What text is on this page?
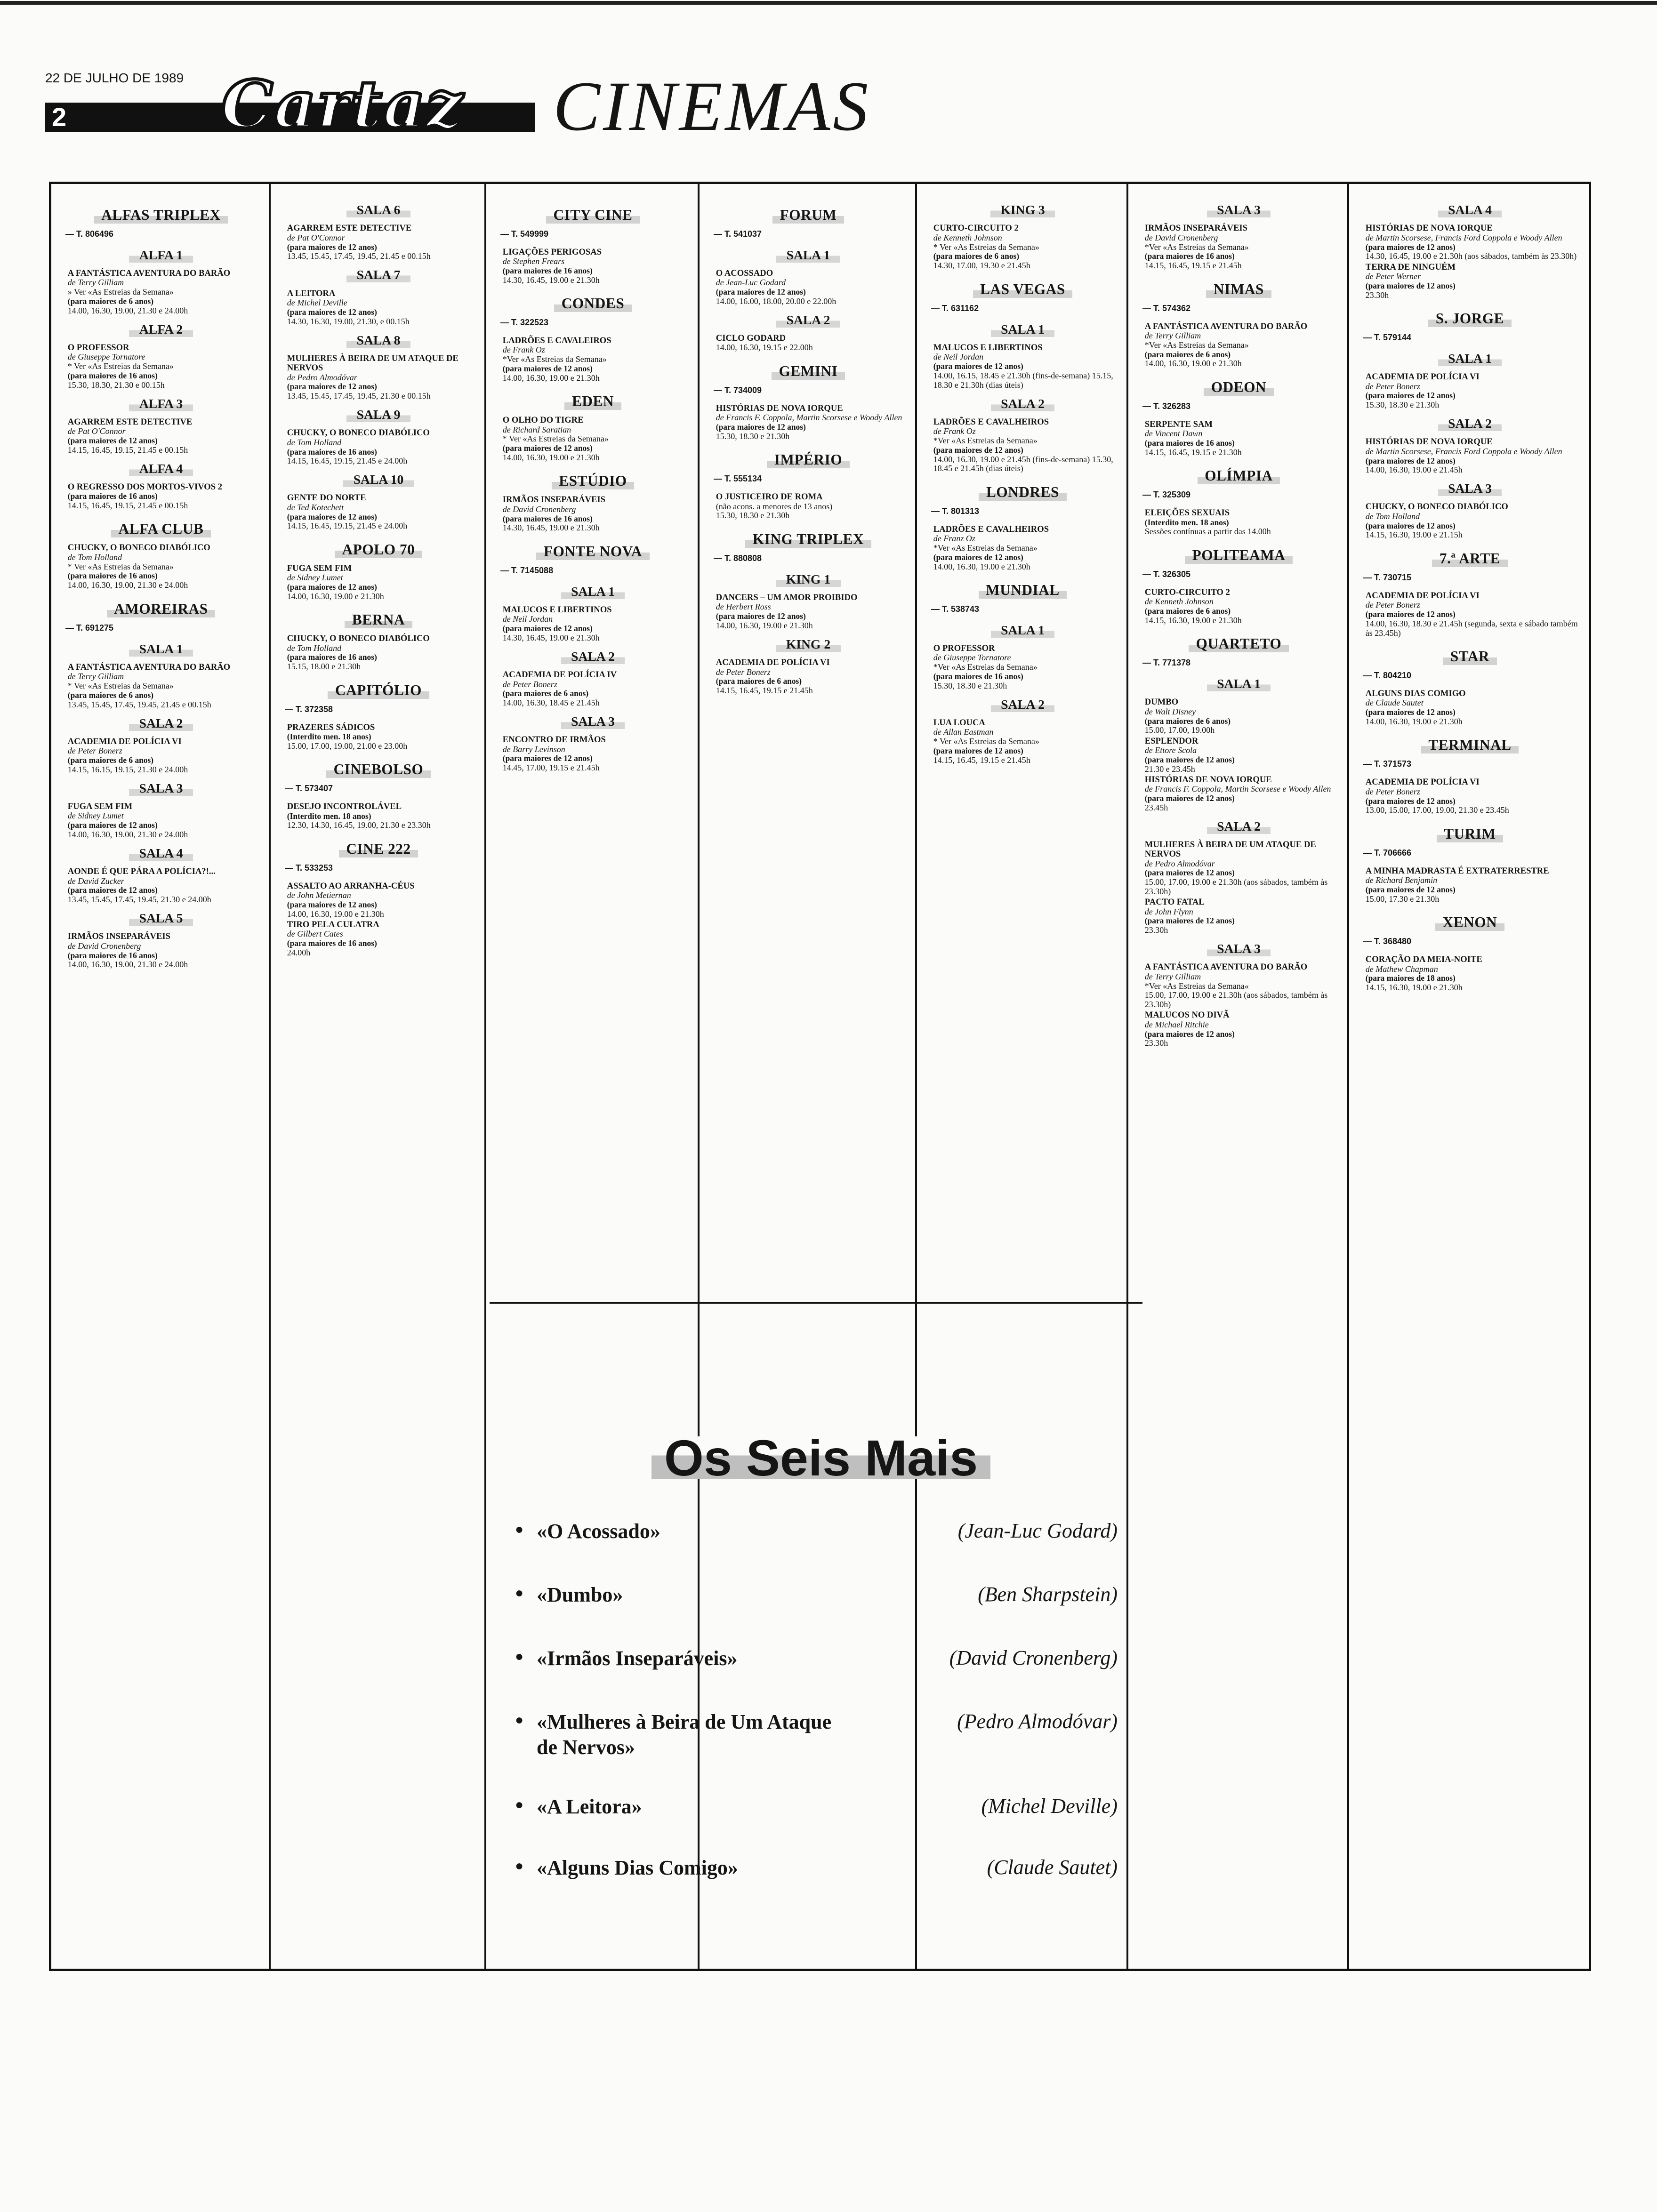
22 DE JULHO DE 1989
2	Cartaz CINEMAS
ALFAS TRIPLEX
— T. 806496
ALFA 1
A FANTÁSTICA AVENTURA DO BARÃO
de Terry Gilliam
» Ver «As Estreias da Semana»
(para maiores de 6 anos)
14.00, 16.30, 19.00, 21.30 e 24.00h
ALFA 2
O PROFESSOR
de Giuseppe Tornatore
* Ver «As Estreias da Semana»
(para maiores de 16 anos)
15.30, 18.30, 21.30 e 00.15h
ALFA 3
AGARREM ESTE DETECTIVE
de Pat O'Connor
(para maiores de 12 anos)
14.15, 16.45, 19.15, 21.45 e 00.15h
ALFA 4
O REGRESSO DOS MORTOS-VIVOS 2
(para maiores de 16 anos)
14.15, 16.45, 19.15, 21.45 e 00.15h
ALFA CLUB
CHUCKY, O BONECO DIABÓLICO
de Tom Holland
* Ver «As Estreias da Semana»
(para maiores de 16 anos)
14.00, 16.30, 19.00, 21.30 e 24.00h
AMOREIRAS
— T. 691275
SALA 1
A FANTÁSTICA AVENTURA DO BARÃO
de Terry Gilliam
* Ver «As Estreias da Semana»
(para maiores de 6 anos)
13.45, 15.45, 17.45, 19.45, 21.45 e 00.15h
SALA 2
ACADEMIA DE POLÍCIA VI
de Peter Bonerz
(para maiores de 6 anos)
14.15, 16.15, 19.15, 21.30 e 24.00h
SALA 3
FUGA SEM FIM
de Sidney Lumet
(para maiores de 12 anos)
14.00, 16.30, 19.00, 21.30 e 24.00h
SALA 4
AONDE É QUE PÁRA A POLÍCIA?!...
de David Zucker
(para maiores de 12 anos)
13.45, 15.45, 17.45, 19.45, 21.30 e 24.00h
SALA 5
IRMÃOS INSEPARÁVEIS
de David Cronenberg
(para maiores de 16 anos)
14.00, 16.30, 19.00, 21.30 e 24.00h
SALA 6
AGARREM ESTE DETECTIVE
de Pat O'Connor
(para maiores de 12 anos)
13.45, 15.45, 17.45, 19.45, 21.45 e 00.15h
SALA 7
A LEITORA
de Michel Deville
(para maiores de 12 anos)
14.30, 16.30, 19.00, 21.30, e 00.15h
SALA 8
MULHERES À BEIRA DE UM ATAQUE DE NERVOS
de Pedro Almodóvar
(para maiores de 12 anos)
13.45, 15.45, 17.45, 19.45, 21.30 e 00.15h
SALA 9
CHUCKY, O BONECO DIABÓLICO
de Tom Holland
(para maiores de 16 anos)
14.15, 16.45, 19.15, 21.45 e 24.00h
SALA 10
GENTE DO NORTE
de Ted Kotechett
(para maiores de 12 anos)
14.15, 16.45, 19.15, 21.45 e 24.00h
APOLO 70
FUGA SEM FIM
de Sidney Lumet
(para maiores de 12 anos)
14.00, 16.30, 19.00 e 21.30h
BERNA
CHUCKY, O BONECO DIABÓLICO
de Tom Holland
(para maiores de 16 anos)
15.15, 18.00 e 21.30h
CAPITÓLIO
— T. 372358
PRAZERES SÁDICOS
(Interdito men. 18 anos)
15.00, 17.00, 19.00, 21.00 e 23.00h
CINEBOLSO
— T. 573407
DESEJO INCONTROLÁVEL
(Interdito men. 18 anos)
12.30, 14.30, 16.45, 19.00, 21.30 e 23.30h
CINE 222
— T. 533253
ASSALTO AO ARRANHA-CÉUS
de John Metiernan
(para maiores de 12 anos)
14.00, 16.30, 19.00 e 21.30h
TIRO PELA CULATRA
de Gilbert Cates
(para maiores de 16 anos)
24.00h
CITY CINE
— T. 549999
LIGAÇÕES PERIGOSAS
de Stephen Frears
(para maiores de 16 anos)
14.30, 16.45, 19.00 e 21.30h
CONDES
— T. 322523
LADRÕES E CAVALEIROS
de Frank Oz
*Ver «As Estreias da Semana»
(para maiores de 12 anos)
14.00, 16.30, 19.00 e 21.30h
EDEN
O OLHO DO TIGRE
de Richard Saratian
* Ver «As Estreias da Semana»
(para maiores de 12 anos)
14.00, 16.30, 19.00 e 21.30h
ESTÚDIO
IRMÃOS INSEPARÁVEIS
de David Cronenberg
(para maiores de 16 anos)
14.30, 16.45, 19.00 e 21.30h
FONTE NOVA
— T. 7145088
SALA 1
MALUCOS E LIBERTINOS
de Neil Jordan
(para maiores de 12 anos)
14.30, 16.45, 19.00 e 21.30h
SALA 2
ACADEMIA DE POLÍCIA IV
de Peter Bonerz
(para maiores de 6 anos)
14.00, 16.30, 18.45 e 21.45h
SALA 3
ENCONTRO DE IRMÃOS
de Barry Levinson
(para maiores de 12 anos)
14.45, 17.00, 19.15 e 21.45h
FORUM
— T. 541037
SALA 1
O ACOSSADO
de Jean-Luc Godard
(para maiores de 12 anos)
14.00, 16.00, 18.00, 20.00 e 22.00h
SALA 2
CICLO GODARD
14.00, 16.30, 19.15 e 22.00h
GEMINI
— T. 734009
HISTÓRIAS DE NOVA IORQUE
de Francis F. Coppola, Martin Scorsese e Woody Allen
(para maiores de 12 anos)
15.30, 18.30 e 21.30h
IMPÉRIO
— T. 555134
O JUSTICEIRO DE ROMA
(não acons. a menores de 13 anos)
15.30, 18.30 e 21.30h
KING TRIPLEX
— T. 880808
KING 1
DANCERS – UM AMOR PROIBIDO
de Herbert Ross
(para maiores de 12 anos)
14.00, 16.30, 19.00 e 21.30h
KING 2
ACADEMIA DE POLÍCIA VI
de Peter Bonerz
(para maiores de 6 anos)
14.15, 16.45, 19.15 e 21.45h
KING 3
CURTO-CIRCUITO 2
de Kenneth Johnson
* Ver «As Estreias da Semana»
(para maiores de 6 anos)
14.30, 17.00, 19.30 e 21.45h
LAS VEGAS
— T. 631162
SALA 1
MALUCOS E LIBERTINOS
de Neil Jordan
(para maiores de 12 anos)
14.00, 16.15, 18.45 e 21.30h (fins-de-semana) 15.15, 18.30 e 21.30h (dias úteis)
SALA 2
LADRÕES E CAVALHEIROS
de Frank Oz
*Ver «As Estreias da Semana»
(para maiores de 12 anos)
14.00, 16.30, 19.00 e 21.45h (fins-de-semana) 15.30, 18.45 e 21.45h (dias úteis)
LONDRES
— T. 801313
LADRÕES E CAVALHEIROS
de Franz Oz
*Ver «As Estreias da Semana»
(para maiores de 12 anos)
14.00, 16.30, 19.00 e 21.30h
MUNDIAL
— T. 538743
SALA 1
O PROFESSOR
de Giuseppe Tornatore
*Ver «As Estreias da Semana»
(para maiores de 16 anos)
15.30, 18.30 e 21.30h
SALA 2
LUA LOUCA
de Allan Eastman
* Ver «As Estreias da Semana»
(para maiores de 12 anos)
14.15, 16.45, 19.15 e 21.45h
SALA 3
IRMÃOS INSEPARÁVEIS
de David Cronenberg
*Ver «As Estreias da Semana»
(para maiores de 16 anos)
14.15, 16.45, 19.15 e 21.45h
NIMAS
— T. 574362
A FANTÁSTICA AVENTURA DO BARÃO
de Terry Gilliam
*Ver «As Estreias da Semana»
(para maiores de 6 anos)
14.00, 16.30, 19.00 e 21.30h
ODEON
— T. 326283
SERPENTE SAM
de Vincent Dawn
(para maiores de 16 anos)
14.15, 16.45, 19.15 e 21.30h
OLÍMPIA
— T. 325309
ELEIÇÕES SEXUAIS
(Interdito men. 18 anos)
Sessões contínuas a partir das 14.00h
POLITEAMA
— T. 326305
CURTO-CIRCUITO 2
de Kenneth Johnson
(para maiores de 6 anos)
14.15, 16.30, 19.00 e 21.30h
QUARTETO
— T. 771378
SALA 1
DUMBO
de Walt Disney
(para maiores de 6 anos)
15.00, 17.00, 19.00h
ESPLENDOR
de Ettore Scola
(para maiores de 12 anos)
21.30 e 23.45h
HISTÓRIAS DE NOVA IORQUE
de Francis F. Coppola, Martin Scorsese e Woody Allen
(para maiores de 12 anos)
23.45h
SALA 2
MULHERES À BEIRA DE UM ATAQUE DE NERVOS
de Pedro Almodóvar
(para maiores de 12 anos)
15.00, 17.00, 19.00 e 21.30h (aos sábados, também às 23.30h)
PACTO FATAL
de John Flynn
(para maiores de 12 anos)
23.30h
SALA 3
A FANTÁSTICA AVENTURA DO BARÃO
de Terry Gilliam
*Ver «As Estreias da Semana«
15.00, 17.00, 19.00 e 21.30h (aos sábados, também às 23.30h)
MALUCOS NO DIVÃ
de Michael Ritchie
(para maiores de 12 anos)
23.30h
SALA 4
HISTÓRIAS DE NOVA IORQUE
de Martin Scorsese, Francis Ford Coppola e Woody Allen
(para maiores de 12 anos)
14.30, 16.45, 19.00 e 21.30h (aos sábados, também às 23.30h)
TERRA DE NINGUÉM
de Peter Werner
(para maiores de 12 anos)
23.30h
S. JORGE
— T. 579144
SALA 1
ACADEMIA DE POLÍCIA VI
de Peter Bonerz
(para maiores de 12 anos)
15.30, 18.30 e 21.30h
SALA 2
HISTÓRIAS DE NOVA IORQUE
de Martin Scorsese, Francis Ford Coppola e Woody Allen
(para maiores de 12 anos)
14.00, 16.30, 19.00 e 21.45h
SALA 3
CHUCKY, O BONECO DIABÓLICO
de Tom Holland
(para maiores de 12 anos)
14.15, 16.30, 19.00 e 21.15h
7.ª ARTE
— T. 730715
ACADEMIA DE POLÍCIA VI
de Peter Bonerz
(para maiores de 12 anos)
14.00, 16.30, 18.30 e 21.45h (segunda, sexta e sábado também às 23.45h)
STAR
— T. 804210
ALGUNS DIAS COMIGO
de Claude Sautet
(para maiores de 12 anos)
14.00, 16.30, 19.00 e 21.30h
TERMINAL
— T. 371573
ACADEMIA DE POLÍCIA VI
de Peter Bonerz
(para maiores de 12 anos)
13.00, 15.00, 17.00, 19.00, 21.30 e 23.45h
TURIM
— T. 706666
A MINHA MADRASTA É EXTRATERRESTRE
de Richard Benjamin
(para maiores de 12 anos)
15.00, 17.30 e 21.30h
XENON
— T. 368480
CORAÇÃO DA MEIA-NOITE
de Mathew Chapman
(para maiores de 18 anos)
14.15, 16.30, 19.00 e 21.30h
Os Seis Mais
● «O Acossado»	(Jean-Luc Godard)
● «Dumbo»	(Ben Sharpstein)
● «Irmãos Inseparáveis»	(David Cronenberg)
● «Mulheres à Beira de Um Ataque de Nervos»
(Pedro Almodóvar)
● «A Leitora»	(Michel Deville)
● «Alguns Dias Comigo»	(Claude Sautet)
